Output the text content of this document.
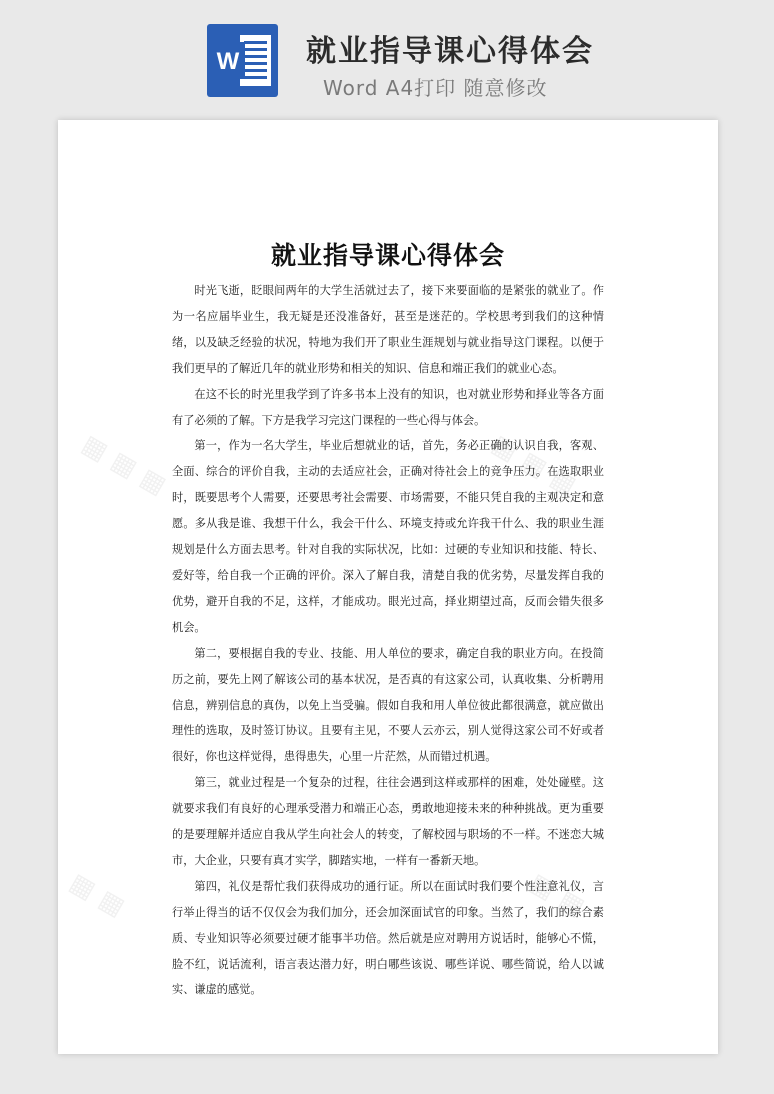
W 就业指导课心得体会
Word A4打印 随意修改
▦ ▦ ▦	▦ ▦ ▦
▦ ▦	▦ ▦
就业指导课心得体会

时光飞逝，眨眼间两年的大学生活就过去了，接下来要面临的是紧张的就业了。作为一名应届毕业生，我无疑是还没准备好，甚至是迷茫的。学校思考到我们的这种情绪，以及缺乏经验的状况，特地为我们开了职业生涯规划与就业指导这门课程。以便于我们更早的了解近几年的就业形势和相关的知识、信息和端正我们的就业心态。

在这不长的时光里我学到了许多书本上没有的知识，也对就业形势和择业等各方面有了必须的了解。下方是我学习完这门课程的一些心得与体会。

第一，作为一名大学生，毕业后想就业的话，首先，务必正确的认识自我，客观、全面、综合的评价自我，主动的去适应社会，正确对待社会上的竞争压力。在选取职业时，既要思考个人需要，还要思考社会需要、市场需要，不能只凭自我的主观决定和意愿。多从我是谁、我想干什么，我会干什么、环境支持或允许我干什么、我的职业生涯规划是什么方面去思考。针对自我的实际状况，比如：过硬的专业知识和技能、特长、爱好等，给自我一个正确的评价。深入了解自我，清楚自我的优劣势，尽量发挥自我的优势，避开自我的不足，这样，才能成功。眼光过高，择业期望过高，反而会错失很多机会。

第二，要根据自我的专业、技能、用人单位的要求，确定自我的职业方向。在投简历之前，要先上网了解该公司的基本状况，是否真的有这家公司，认真收集、分析聘用信息，辨别信息的真伪，以免上当受骗。假如自我和用人单位彼此都很满意，就应做出理性的选取，及时签订协议。且要有主见，不要人云亦云，别人觉得这家公司不好或者很好，你也这样觉得，患得患失，心里一片茫然，从而错过机遇。

第三，就业过程是一个复杂的过程，往往会遇到这样或那样的困难，处处碰壁。这就要求我们有良好的心理承受潜力和端正心态，勇敢地迎接未来的种种挑战。更为重要的是要理解并适应自我从学生向社会人的转变，了解校园与职场的不一样。不迷恋大城市，大企业，只要有真才实学，脚踏实地，一样有一番新天地。

第四，礼仪是帮忙我们获得成功的通行证。所以在面试时我们要个性注意礼仪，言行举止得当的话不仅仅会为我们加分，还会加深面试官的印象。当然了，我们的综合素质、专业知识等必须要过硬才能事半功倍。然后就是应对聘用方说话时，能够心不慌，脸不红，说话流利，语言表达潜力好，明白哪些该说、哪些详说、哪些简说，给人以诚实、谦虚的感觉。
